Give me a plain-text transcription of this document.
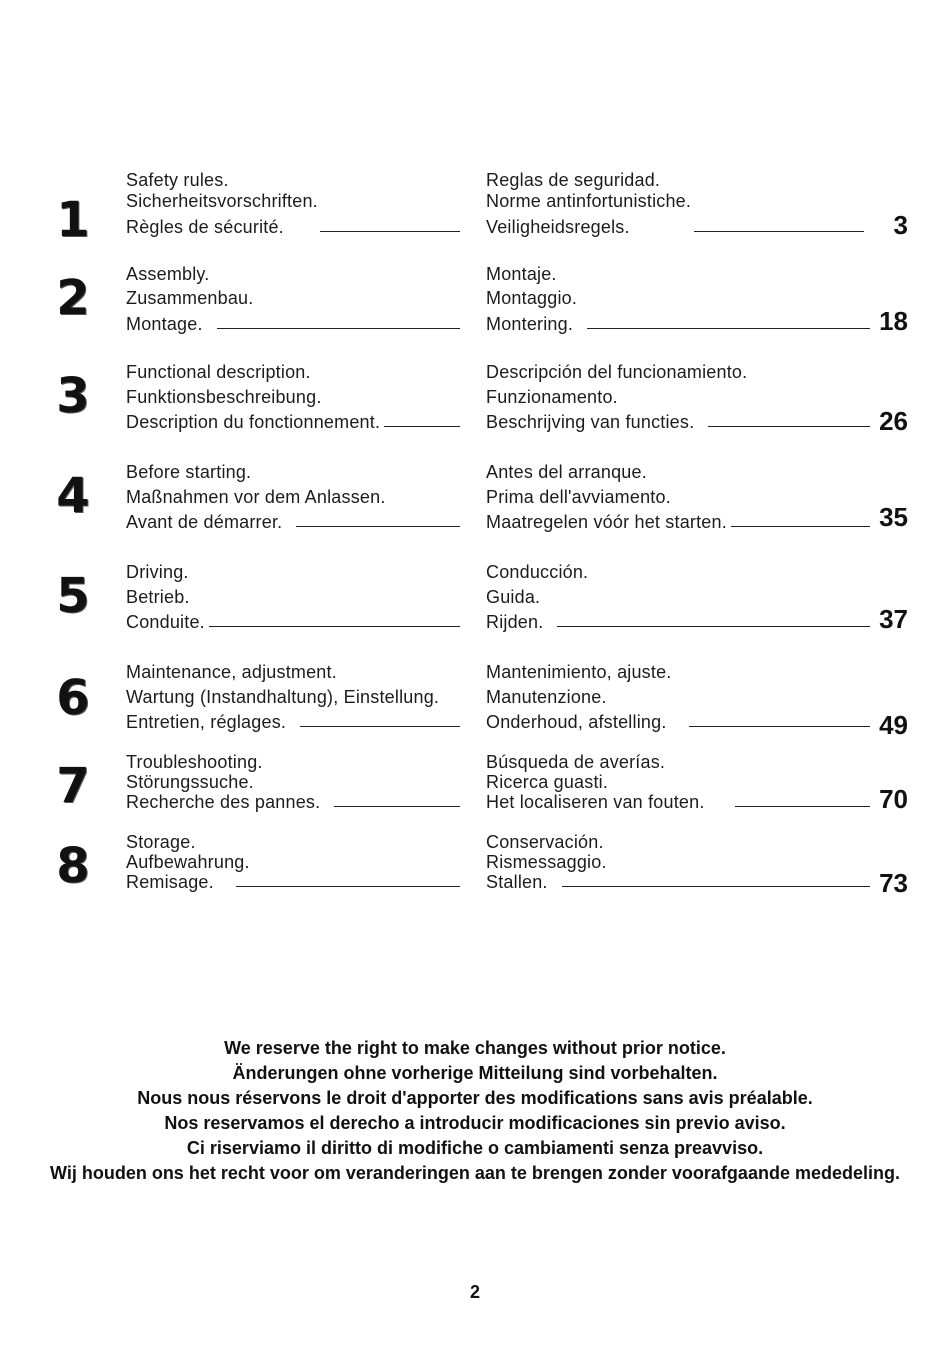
1
Safety rules.
Sicherheitsvorschriften.
Règles de sécurité.
Reglas de seguridad.
Norme antinfortunistiche.
Veiligheidsregels.	3
2	Assembly.
Zusammenbau.
Montage.
Montaje.
Montaggio.
Montering.	18
3	Functional description.
Funktionsbeschreibung.
Description du fonctionnement.
Descripción del funcionamiento.
Funzionamento.
Beschrijving van functies.	26
4	Before starting.
Maßnahmen vor dem Anlassen.
Avant de démarrer.
Antes del arranque.
Prima dell'avviamento.
Maatregelen vóór het starten.	35
5	Driving.
Betrieb.
Conduite.
Conducción.
Guida.
Rijden.	37
6	Maintenance, adjustment.
Wartung (Instandhaltung), Einstellung.
Entretien, réglages.
Mantenimiento, ajuste.
Manutenzione.
Onderhoud, afstelling.	49
7	Troubleshooting.
Störungssuche.
Recherche des pannes.
Búsqueda de averías.
Ricerca guasti.
Het localiseren van fouten.	70
8	Storage.
Aufbewahrung.
Remisage.
Conservación.
Rismessaggio.
Stallen.	73
We reserve the right to make changes without prior notice.
Änderungen ohne vorherige Mitteilung sind vorbehalten.
Nous nous réservons le droit d'apporter des modifications sans avis préalable.
Nos reservamos el derecho a introducir modificaciones sin previo aviso.
Ci riserviamo il diritto di modifiche o cambiamenti senza preavviso.
Wij houden ons het recht voor om veranderingen aan te brengen zonder voorafgaande mededeling.
2
